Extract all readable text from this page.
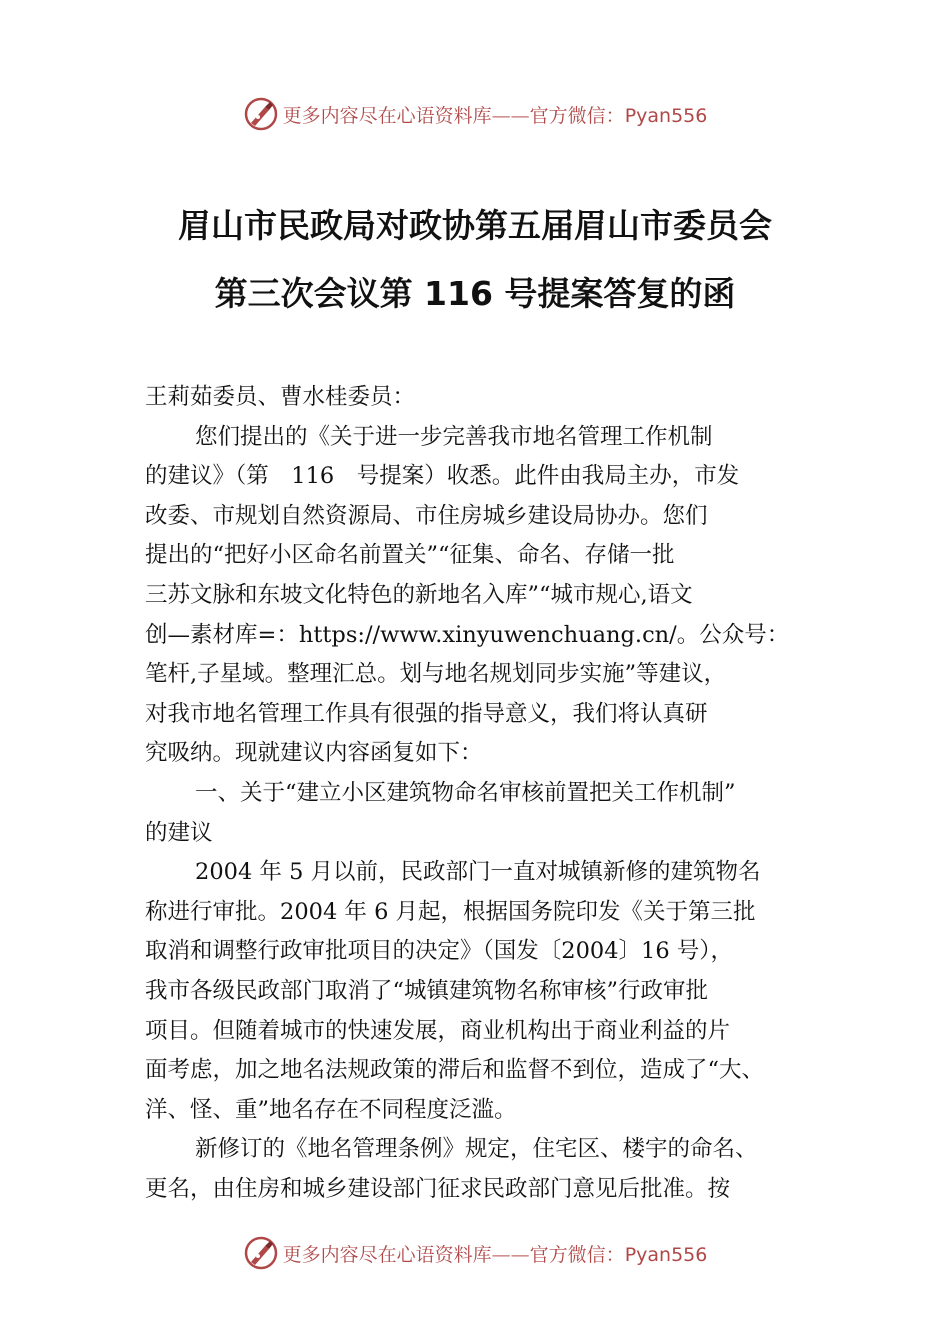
更多内容尽在心语资料库——官方微信：Pyan556
眉山市民政局对政协第五届眉山市委员会
第三次会议第 116 号提案答复的函
王莉茹委员、曹水桂委员：
您们提出的《关于进一步完善我市地名管理工作机制
的建议》（第　116　号提案）收悉。此件由我局主办，市发
改委、市规划自然资源局、市住房城乡建设局协办。您们
提出的“把好小区命名前置关”“征集、命名、存储一批
三苏文脉和东坡文化特色的新地名入库”“城市规心,语文
创—素材库=：https://www.xinyuwenchuang.cn/。公众号：
笔杆,子星域。整理汇总。划与地名规划同步实施”等建议，
对我市地名管理工作具有很强的指导意义，我们将认真研
究吸纳。现就建议内容函复如下：
一、关于“建立小区建筑物命名审核前置把关工作机制”
的建议
2004 年 5 月以前，民政部门一直对城镇新修的建筑物名
称进行审批。2004 年 6 月起，根据国务院印发《关于第三批
取消和调整行政审批项目的决定》（国发〔2004〕16 号），
我市各级民政部门取消了“城镇建筑物名称审核”行政审批
项目。但随着城市的快速发展，商业机构出于商业利益的片
面考虑，加之地名法规政策的滞后和监督不到位，造成了“大、
洋、怪、重”地名存在不同程度泛滥。
新修订的《地名管理条例》规定，住宅区、楼宇的命名、
更名，由住房和城乡建设部门征求民政部门意见后批准。按
更多内容尽在心语资料库——官方微信：Pyan556
